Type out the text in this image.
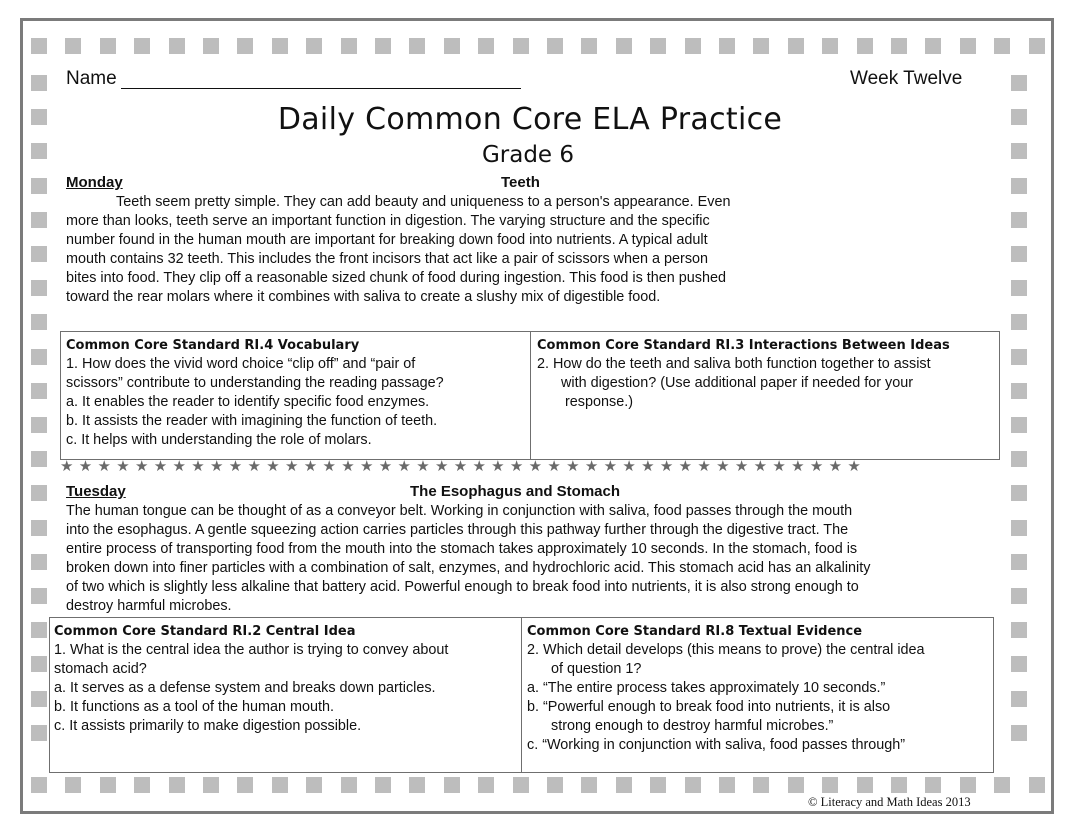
Name	Week Twelve
Daily Common Core ELA Practice
Grade 6
Monday	Teeth
Teeth seem pretty simple. They can add beauty and uniqueness to a person's appearance. Even
more than looks, teeth serve an important function in digestion. The varying structure and the specific
number found in the human mouth are important for breaking down food into nutrients. A typical adult
mouth contains 32 teeth. This includes the front incisors that act like a pair of scissors when a person
bites into food. They clip off a reasonable sized chunk of food during ingestion. This food is then pushed
toward the rear molars where it combines with saliva to create a slushy mix of digestible food.
Common Core Standard RI.4 Vocabulary
1. How does the vivid word choice “clip off” and “pair of
scissors” contribute to understanding the reading passage?
a. It enables the reader to identify specific food enzymes.
b. It assists the reader with imagining the function of teeth.
c. It helps with understanding the role of molars.
Common Core Standard RI.3 Interactions Between Ideas
2. How do the teeth and saliva both function together to assist
with digestion? (Use additional paper if needed for your
response.)
★★★★★★★★★★★★★★★★★★★★★★★★★★★★★★★★★★★★★★★★★★★
Tuesday	The Esophagus and Stomach
The human tongue can be thought of as a conveyor belt. Working in conjunction with saliva, food passes through the mouth
into the esophagus. A gentle squeezing action carries particles through this pathway further through the digestive tract. The
entire process of transporting food from the mouth into the stomach takes approximately 10 seconds. In the stomach, food is
broken down into finer particles with a combination of salt, enzymes, and hydrochloric acid. This stomach acid has an alkalinity
of two which is slightly less alkaline that battery acid. Powerful enough to break food into nutrients, it is also strong enough to
destroy harmful microbes.
Common Core Standard RI.2 Central Idea
1. What is the central idea the author is trying to convey about
stomach acid?
a. It serves as a defense system and breaks down particles.
b. It functions as a tool of the human mouth.
c. It assists primarily to make digestion possible.
Common Core Standard RI.8 Textual Evidence
2. Which detail develops (this means to prove) the central idea
of question 1?
a. “The entire process takes approximately 10 seconds.”
b. “Powerful enough to break food into nutrients, it is also
strong enough to destroy harmful microbes.”
c. “Working in conjunction with saliva, food passes through”
© Literacy and Math Ideas 2013
